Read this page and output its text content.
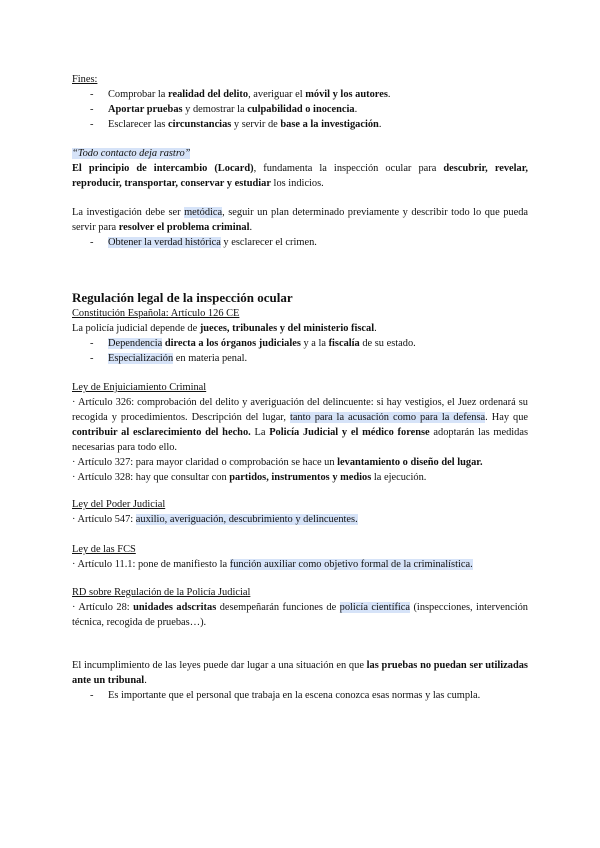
Fines:
- Comprobar la realidad del delito, averiguar el móvil y los autores.
- Aportar pruebas y demostrar la culpabilidad o inocencia.
- Esclarecer las circunstancias y servir de base a la investigación.
“Todo contacto deja rastro”
El principio de intercambio (Locard), fundamenta la inspección ocular para descubrir, revelar, reproducir, transportar, conservar y estudiar los indicios.
La investigación debe ser metódica, seguir un plan determinado previamente y describir todo lo que pueda servir para resolver el problema criminal.
- Obtener la verdad histórica y esclarecer el crimen.
Regulación legal de la inspección ocular
Constitución Española: Artículo 126 CE
La policía judicial depende de jueces, tribunales y del ministerio fiscal.
- Dependencia directa a los órganos judiciales y a la fiscalía de su estado.
- Especialización en materia penal.
Ley de Enjuiciamiento Criminal
· Artículo 326: comprobación del delito y averiguación del delincuente: si hay vestigios, el Juez ordenará su recogida y procedimientos. Descripción del lugar, tanto para la acusación como para la defensa. Hay que contribuir al esclarecimiento del hecho. La Policía Judicial y el médico forense adoptarán las medidas necesarias para todo ello.
· Artículo 327: para mayor claridad o comprobación se hace un levantamiento o diseño del lugar.
· Artículo 328: hay que consultar con partidos, instrumentos y medios la ejecución.
Ley del Poder Judicial
· Artículo 547: auxilio, averiguación, descubrimiento y delincuentes.
Ley de las FCS
· Artículo 11.1: pone de manifiesto la función auxiliar como objetivo formal de la criminalística.
RD sobre Regulación de la Policía Judicial
· Artículo 28: unidades adscritas desempeñarán funciones de policía científica (inspecciones, intervención técnica, recogida de pruebas…).
El incumplimiento de las leyes puede dar lugar a una situación en que las pruebas no puedan ser utilizadas ante un tribunal.
- Es importante que el personal que trabaja en la escena conozca esas normas y las cumpla.
